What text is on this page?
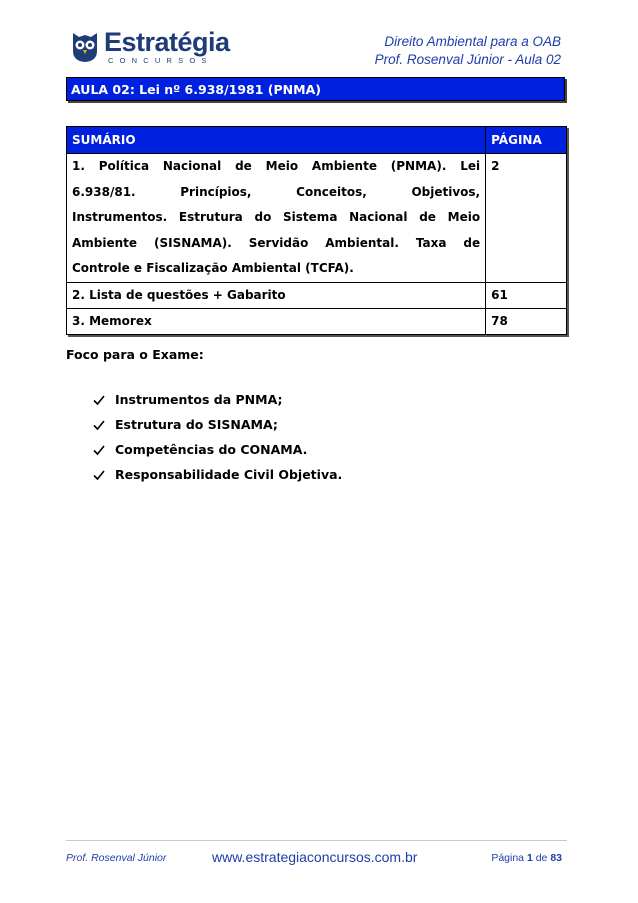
Estratégia
CONCURSOS
Direito Ambiental para a OAB
Prof. Rosenval Júnior - Aula 02
AULA 02: Lei nº 6.938/1981 (PNMA)
SUMÁRIO	PÁGINA

1. Política Nacional de Meio Ambiente (PNMA). Lei
6.938/81. Princípios, Conceitos, Objetivos,
Instrumentos. Estrutura do Sistema Nacional de Meio
Ambiente (SISNAMA). Servidão Ambiental. Taxa de
Controle e Fiscalização Ambiental (TCFA).	2
2. Lista de questões + Gabarito	61
3. Memorex	78
Foco para o Exame:
Instrumentos da PNMA;
Estrutura do SISNAMA;
Competências do CONAMA.
Responsabilidade Civil Objetiva.
Prof. Rosenval Júnior	www.estrategiaconcursos.com.br	Página 1 de 83
